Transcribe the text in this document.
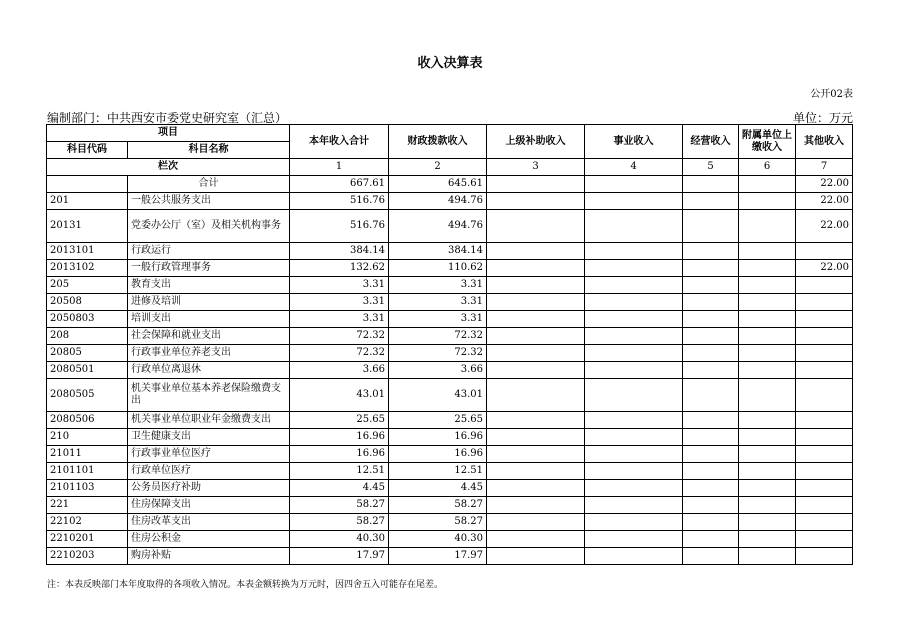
收入决算表
公开02表
编制部门：中共西安市委党史研究室（汇总）	单位：万元
项目		本年收入合计	财政拨款收入	上级补助收入	事业收入	经营收入	附属单位上缴收入	其他收入
科目代码	科目名称							
栏次		1	2	3	4	5	6	7
	合计	667.61	645.61					22.00
201	一般公共服务支出	516.76	494.76					22.00
20131	党委办公厅（室）及相关机构事务	516.76	494.76					22.00
2013101	行政运行	384.14	384.14					
2013102	一般行政管理事务	132.62	110.62					22.00
205	教育支出	3.31	3.31					
20508	进修及培训	3.31	3.31					
2050803	培训支出	3.31	3.31					
208	社会保障和就业支出	72.32	72.32					
20805	行政事业单位养老支出	72.32	72.32					
2080501	行政单位离退休	3.66	3.66					
2080505	机关事业单位基本养老保险缴费支出	43.01	43.01					
2080506	机关事业单位职业年金缴费支出	25.65	25.65					
210	卫生健康支出	16.96	16.96					
21011	行政事业单位医疗	16.96	16.96					
2101101	行政单位医疗	12.51	12.51					
2101103	公务员医疗补助	4.45	4.45					
221	住房保障支出	58.27	58.27					
22102	住房改革支出	58.27	58.27					
2210201	住房公积金	40.30	40.30					
2210203	购房补贴	17.97	17.97					
注：本表反映部门本年度取得的各项收入情况。本表金额转换为万元时，因四舍五入可能存在尾差。
